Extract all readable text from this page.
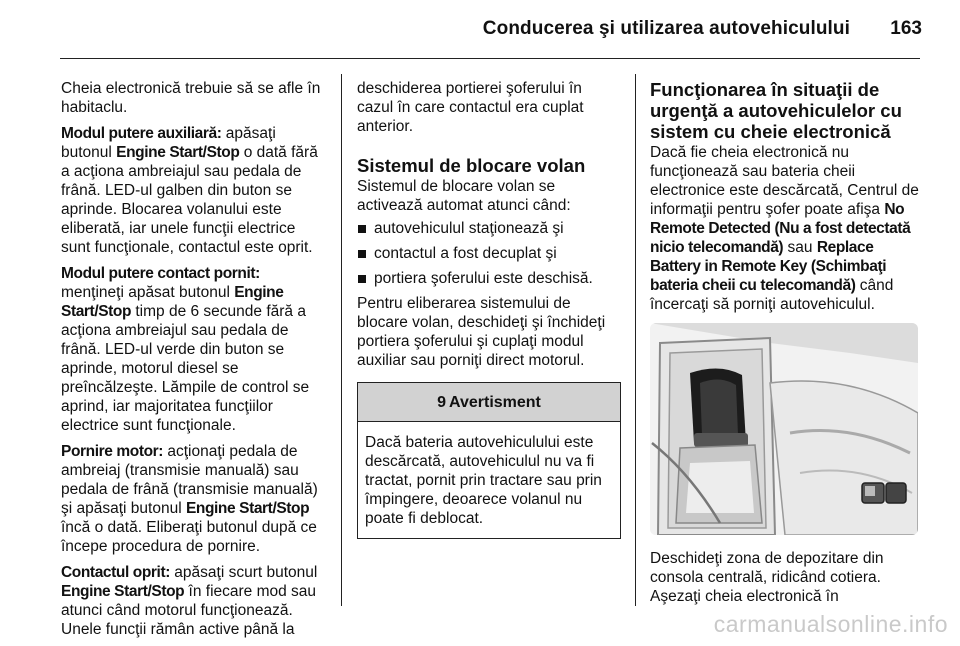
Conducerea şi utilizarea autovehiculului 163

Cheia electronică trebuie să se afle în habitaclu.

Modul putere auxiliară: apăsaţi butonul Engine Start/Stop o dată fără a acţiona ambreiajul sau pedala de frână. LED-ul galben din buton se aprinde. Blocarea volanului este eliberată, iar unele funcţii electrice sunt funcţionale, contactul este oprit.

Modul putere contact pornit: menţineţi apăsat butonul Engine Start/Stop timp de 6 secunde fără a acţiona ambreiajul sau pedala de frână. LED-ul verde din buton se aprinde, motorul diesel se preîncălzeşte. Lămpile de control se aprind, iar majoritatea funcţiilor electrice sunt funcţionale.

Pornire motor: acţionaţi pedala de ambreiaj (transmisie manuală) sau pedala de frână (transmisie manuală) şi apăsaţi butonul Engine Start/Stop încă o dată. Eliberaţi butonul după ce începe procedura de pornire.

Contactul oprit: apăsaţi scurt butonul Engine Start/Stop în fiecare mod sau atunci când motorul funcţionează. Unele funcţii rămân active până la

deschiderea portierei şoferului în cazul în care contactul era cuplat anterior.

Sistemul de blocare volan

Sistemul de blocare volan se activează automat atunci când:

autovehiculul staţionează şi
contactul a fost decuplat şi
portiera şoferului este deschisă.

Pentru eliberarea sistemului de blocare volan, deschideţi şi închideţi portiera şoferului şi cuplaţi modul auxiliar sau porniţi direct motorul.

9 Avertisment
Dacă bateria autovehiculului este descărcată, autovehiculul nu va fi tractat, pornit prin tractare sau prin împingere, deoarece volanul nu poate fi deblocat.
Funcţionarea în situaţii de urgenţă a autovehiculelor cu sistem cu cheie electronică

Dacă fie cheia electronică nu funcţionează sau bateria cheii electronice este descărcată, Centrul de informaţii pentru şofer poate afişa No Remote Detected (Nu a fost detectată nicio telecomandă) sau Replace Battery in Remote Key (Schimbaţi bateria cheii cu telecomandă) când încercaţi să porniţi autovehiculul.

Deschideţi zona de depozitare din consola centrală, ridicând cotiera. Aşezaţi cheia electronică în

carmanualsonline.info
